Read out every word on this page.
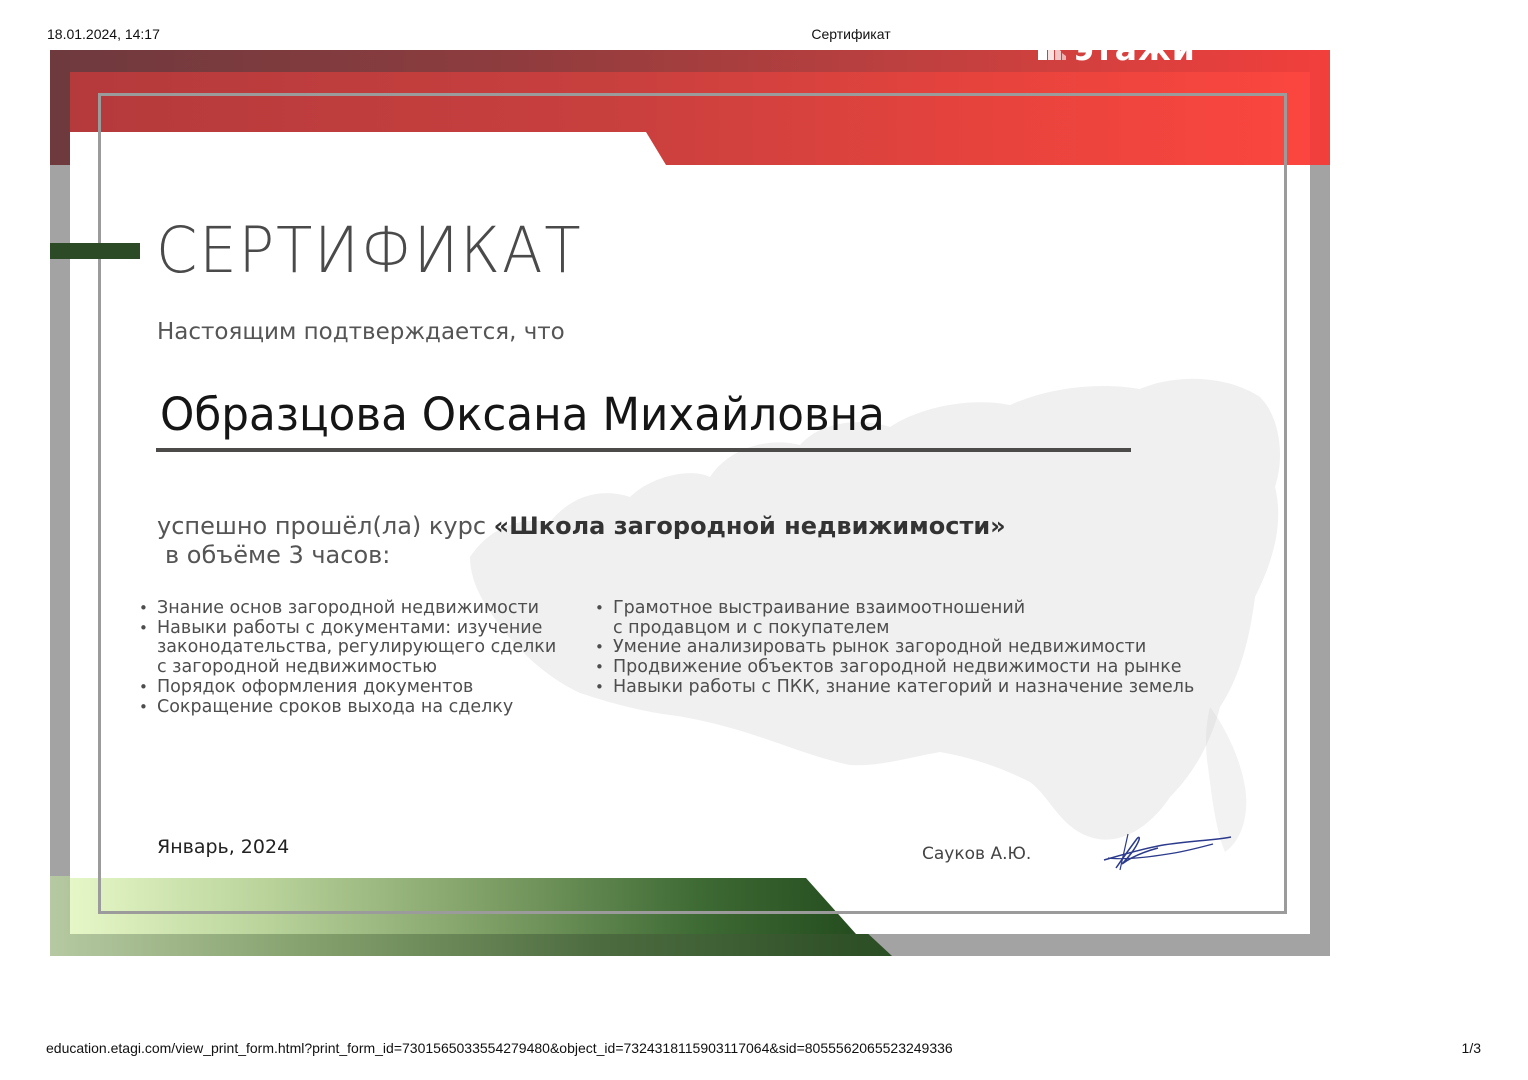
18.01.2024, 14:17	Сертификат	этажи
СЕРТИФИКАТ
Настоящим подтверждается, что
Образцова Оксана Михайловна
успешно прошёл(ла) курс «Школа загородной недвижимости»
в объёме 3 часов:
• Знание основ загородной недвижимости
• Навыки работы с документами: изучение
законодательства, регулирующего сделки
с загородной недвижимостью
• Порядок оформления документов
• Сокращение сроков выхода на сделку
• Грамотное выстраивание взаимоотношений
с продавцом и с покупателем
• Умение анализировать рынок загородной недвижимости
• Продвижение объектов загородной недвижимости на рынке
• Навыки работы с ПКК, знание категорий и назначение земель
Январь, 2024	Сауков А.Ю.
education.etagi.com/view_print_form.html?print_form_id=7301565033554279480&object_id=7324318115903117064&sid=8055562065523249336	1/3
